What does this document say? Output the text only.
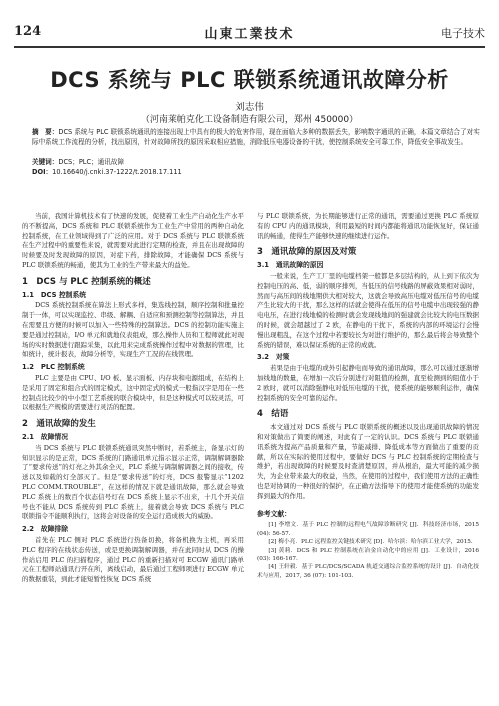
124	山東工業技术	电子技术
DCS 系统与 PLC 联锁系统通讯故障分析
刘志伟
（河南莱帕克化工设备制造有限公司，郑州 450000）
摘　要：DCS 系统与 PLC 联锁系统通讯的连接出现上中具有的极大的危害作用，现在面临大多种的数据丢失，影响数字通讯的正确，本篇文章结合了对实际中系统工作流程的分析，找出原因，针对故障所找的原因采取相应措施，消除低压电器设备的干扰，使控制系统安全可靠工作，降低安全事故发生。
关键词：DCS；PLC；通讯故障
DOI：10.16640/j.cnki.37-1222/t.2018.17.111

当前，我国计算机技术有了快速的发展，促使着工业生产自动化生产水平的不断提高，DCS 系统和 PLC 联锁系统作为工业生产中常用的两种自动化控制系统，在工业领域得到了广泛的应用。对于 DCS 系统与 PLC 联锁系统在生产过程中的重要性来说，就需要对此进行定期的检查，并且在出现故障的时候要及时发现故障的原因，对症下药，排除故障，才能确保 DCS 系统与 PLC 联锁系统的畅通，使其为工业的生产带来最大的益处。

1　DCS 与 PLC 控制系统的概述
1.1　DCS 控制系统

DCS 系统控制系统在算法上形式多样，集选线控制，顺序控制和批量控制于一体，可以实现监控、串级、解耦、自适应和预测控制等控制算法，并且在需要且方便的时候可以加入一些特殊的控制算法。DCS 的控制功能实施主要是通过控制站，I/O 单元和就地仪表组成，那么操作人员和工程师就此对现场的实时数据进行跟踪采集，以此用来完成系统操作过程中对数据的管理，比如统计，统计报表，故障分析等，实现生产工况的在线管理。

1.2　PLC 控制系统

PLC 主要是由 CPU、I/O 板、显示面板、内存块和电源组成，在结构上是采用了固定和组合式的固定模式，这中固定式的模式一般指汉字是用在一些控制点比较少的中小型工艺系统的联合模块中，但是这种模式可以较灵活，可以根据生产规模的需要进行灵活的配置。

2　通讯故障的发生
2.1　故障情况

当 DCS 系统与 PLC 联锁系统通讯突然中断时，若系统主，备显示灯的知识显示的是正常，DCS 系统的门路通讯单元指示显示正常，调制解调器除了“要求传送”的灯亮之外其余全灭，PLC 系统与调制解调器之间的接收，传送以及如载的灯全部灭了。但是“要求传送”的灯亮，DCS 报警显示“1202 PLC COMM.TROUBLE”，在这样的情况下就是通讯故障，那么就会导致 PLC 系统上的数百个状态信号灯在 DCS 系统上显示不出来，十几个开关信号也不能从 DCS 系统传到 PLC 系统上，接着就会导致 DCS 系统与 PLC 联锁指令不能顺利执行，这将会对设备的安全运行造成极大的威胁。

2.2　故障排除

首先在 PLC 侧对 PLC 系统进行热备切换，将备机换为主机，再采用 PLC 程序的在线状态传送，或是更换调制解调器，并在此同时从 DCS 的操作站启用 PLC 的扫描程序，通过 PLC 的重新扫描对可 ECGW 通讯门路单元在工程师站通讯行开在所，离线启动，最后通过工程师项进行 ECGW 单元的数据重装，到此才能短暂性恢复 DCS 系统

与 PLC 联锁系统，为长期能够进行正常的通讯，需要通过更换 PLC 系统原有的 CPU 内的通讯模块，利用最短的时间内都能将通讯功能恢复好，保证通讯的畅通，使得生产能够快速的继续进行运作。

3　通讯故障的原因及对策
3.1　通讯故障的原因

一般来说，生产工厂里的电缆档架一般都是多层结构的，从上到下依次为控制电压的高、低，弱的顺序排列，当低压的信号线路的屏蔽效果相对弱时，然而与高压间的线地期供大相对较大，这就会导致高压电缆对低压信号的电缆产生比较大的干扰，那么这样的话就会使得在低压的信号电缆中出现较强的静电电压，在进行线地模的检测时就会发现线地间的强建就会比较大的电压数据的时候，就会超越过了 2 欧，在静电的干扰下，系统的内部的环境运行会慢慢出现粗乱，在这个过程中若要较长为对进行维护的，那么最后将会导致整个系统的错误，难以保证系统的正常的成就。

3.2　对策

若果是由于电缆的或外引起静电而导致的通讯故障，那么可以通过逐渐增加线地的数量，在增加一次后分别进行对阻值的检测，直至检测到的阻值小于 2 欧时，就可以消除强静电对低压电缆的干扰，使系统的能够顺利运作，确保控制系统的安全可靠的运作。

4　结语

本文通过对 DCS 系统与 PLC 联锁系统的概述以及出现通讯故障的情况和对策做出了简要的阐述，对此有了一定的认识。DCS 系统与 PLC 联锁通讯系统为提高产品质量和产量，节能减排、降低成本等方面做出了重要的贡献，所以在实际的使用过程中，要做好 DCS 与 PLC 控制系统的定期检查与维护，若出现故障的时候要及时查清楚原因，并从根治，最大可能的减少损失，为企业带来最大的收益，当然，在使用的过程中，我们使用方法的正确性也是对协调的一种很好的保护，在正确方法指导下的使用才能使系统的功能发挥到最大的作用。

参考文献：

[1] 李增文．基于 PLC 控制的远程电气故障诊断研究 [J]．科技经济市场，2015 (04): 56-57.

[2] 梅小亮．PLC 远程监控关键技术研究 [D]．哈尔滨：哈尔滨工业大学，2015.

[3] 黄莉．DCS 和 PLC 控制系统在冶金自动化中的应用 [J]．工业设计，2016 (03): 166-167.

[4] 王轩毅．基于 PLC/DCS/SCADA 轨道交通综合监控系统的设计 [J]．自动化技术与应用，2017, 36 (07): 101-103.
